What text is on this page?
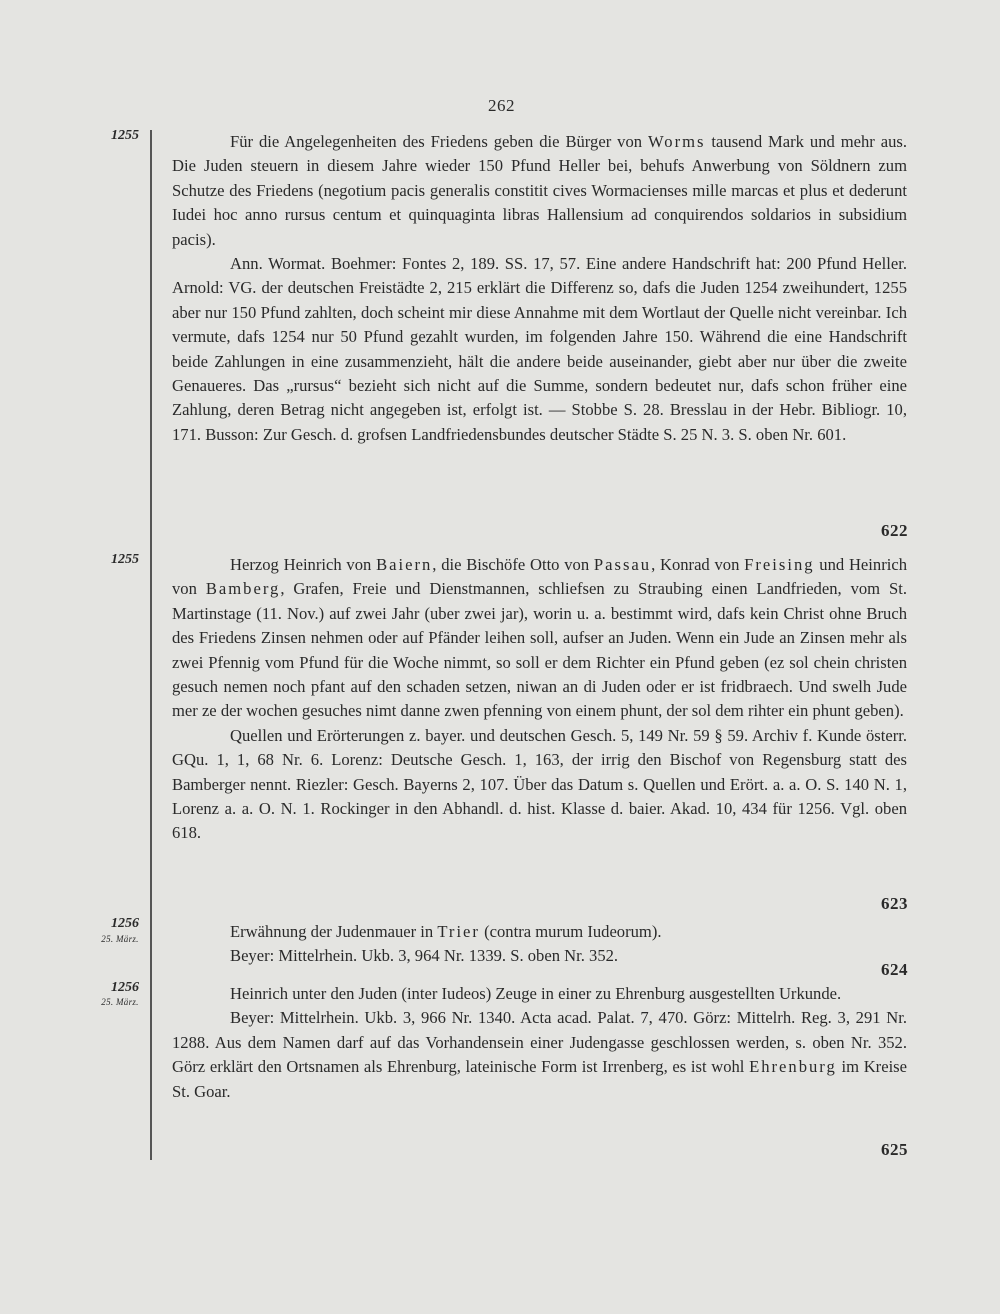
262
1255	Für die Angelegenheiten des Friedens geben die Bürger von Worms tausend Mark und mehr aus. Die Juden steuern in diesem Jahre wieder 150 Pfund Heller bei, behufs Anwerbung von Söldnern zum Schutze des Friedens (negotium pacis generalis constitit cives Wormacienses mille marcas et plus et dederunt Iudei hoc anno rursus centum et quinquaginta libras Hallensium ad conquirendos soldarios in subsidium pacis).

Ann. Wormat. Boehmer: Fontes 2, 189. SS. 17, 57. Eine andere Handschrift hat: 200 Pfund Heller. Arnold: VG. der deutschen Freistädte 2, 215 erklärt die Differenz so, dafs die Juden 1254 zweihundert, 1255 aber nur 150 Pfund zahlten, doch scheint mir diese Annahme mit dem Wortlaut der Quelle nicht vereinbar. Ich vermute, dafs 1254 nur 50 Pfund gezahlt wurden, im folgenden Jahre 150. Während die eine Handschrift beide Zahlungen in eine zusammenzieht, hält die andere beide auseinander, giebt aber nur über die zweite Genaueres. Das „rursus“ bezieht sich nicht auf die Summe, sondern bedeutet nur, dafs schon früher eine Zahlung, deren Betrag nicht angegeben ist, erfolgt ist. — Stobbe S. 28. Bresslau in der Hebr. Bibliogr. 10, 171. Busson: Zur Gesch. d. grofsen Landfriedensbundes deutscher Städte S. 25 N. 3. S. oben Nr. 601.

622
1255	Herzog Heinrich von Baiern, die Bischöfe Otto von Passau, Konrad von Freising und Heinrich von Bamberg, Grafen, Freie und Dienstmannen, schliefsen zu Straubing einen Landfrieden, vom St. Martinstage (11. Nov.) auf zwei Jahr (uber zwei jar), worin u. a. bestimmt wird, dafs kein Christ ohne Bruch des Friedens Zinsen nehmen oder auf Pfänder leihen soll, aufser an Juden. Wenn ein Jude an Zinsen mehr als zwei Pfennig vom Pfund für die Woche nimmt, so soll er dem Richter ein Pfund geben (ez sol chein christen gesuch nemen noch pfant auf den schaden setzen, niwan an di Juden oder er ist fridbraech. Und swelh Jude mer ze der wochen gesuches nimt danne zwen pfenning von einem phunt, der sol dem rihter ein phunt geben).

Quellen und Erörterungen z. bayer. und deutschen Gesch. 5, 149 Nr. 59 § 59. Archiv f. Kunde österr. GQu. 1, 1, 68 Nr. 6. Lorenz: Deutsche Gesch. 1, 163, der irrig den Bischof von Regensburg statt des Bamberger nennt. Riezler: Gesch. Bayerns 2, 107. Über das Datum s. Quellen und Erört. a. a. O. S. 140 N. 1, Lorenz a. a. O. N. 1. Rockinger in den Abhandl. d. hist. Klasse d. baier. Akad. 10, 434 für 1256. Vgl. oben 618.

623
1256
25. März.	Erwähnung der Judenmauer in Trier (contra murum Iudeorum).

Beyer: Mittelrhein. Ukb. 3, 964 Nr. 1339. S. oben Nr. 352.

624
1256
25. März.	Heinrich unter den Juden (inter Iudeos) Zeuge in einer zu Ehrenburg ausgestellten Urkunde.

Beyer: Mittelrhein. Ukb. 3, 966 Nr. 1340. Acta acad. Palat. 7, 470. Görz: Mittelrh. Reg. 3, 291 Nr. 1288. Aus dem Namen darf auf das Vorhandensein einer Judengasse geschlossen werden, s. oben Nr. 352. Görz erklärt den Ortsnamen als Ehrenburg, lateinische Form ist Irrenberg, es ist wohl Ehrenburg im Kreise St. Goar.

625
